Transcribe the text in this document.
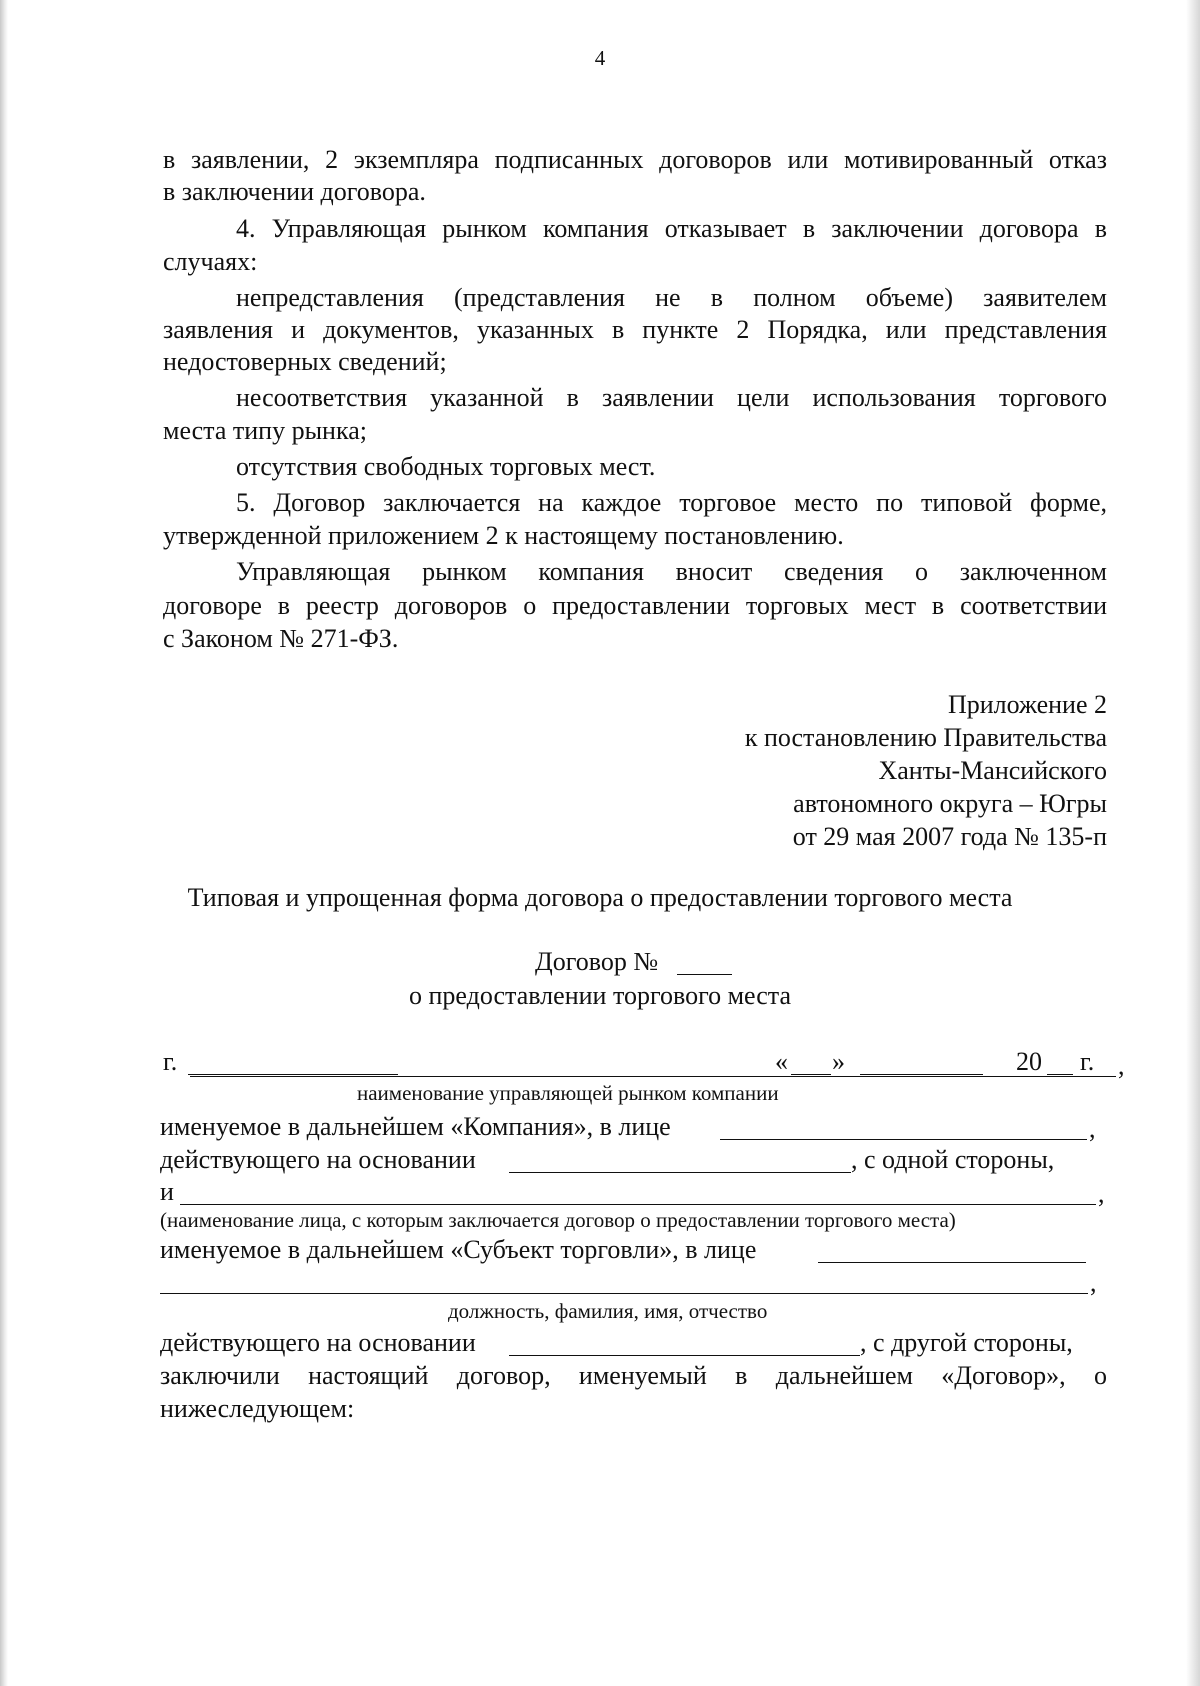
4
в заявлении, 2 экземпляра подписанных договоров или мотивированный отказ
в заключении договора.
4. Управляющая рынком компания отказывает в заключении договора в
случаях:
непредставления (представления не в полном объеме) заявителем
заявления и документов, указанных в пункте 2 Порядка, или представления
недостоверных сведений;
несоответствия указанной в заявлении цели использования торгового
места типу рынка;
отсутствия свободных торговых мест.
5. Договор заключается на каждое торговое место по типовой форме,
утвержденной приложением 2 к настоящему постановлению.
Управляющая рынком компания вносит сведения о заключенном
договоре в реестр договоров о предоставлении торговых мест в соответствии
с Законом № 271-ФЗ.
Приложение 2
к постановлению Правительства
Ханты-Мансийского
автономного округа – Югры
от 29 мая 2007 года № 135-п
Типовая и упрощенная форма договора о предоставлении торгового места
Договор №
о предоставлении торгового места
г.	« »	20 г. ,
наименование управляющей рынком компании
именуемое в дальнейшем «Компания», в лице	,
действующего на основании	, с одной стороны,
и	,
(наименование лица, с которым заключается договор о предоставлении торгового места)
именуемое в дальнейшем «Субъект торговли», в лице
,
должность, фамилия, имя, отчество
действующего на основании	, с другой стороны,
заключили настоящий договор, именуемый в дальнейшем «Договор», о
нижеследующем:
